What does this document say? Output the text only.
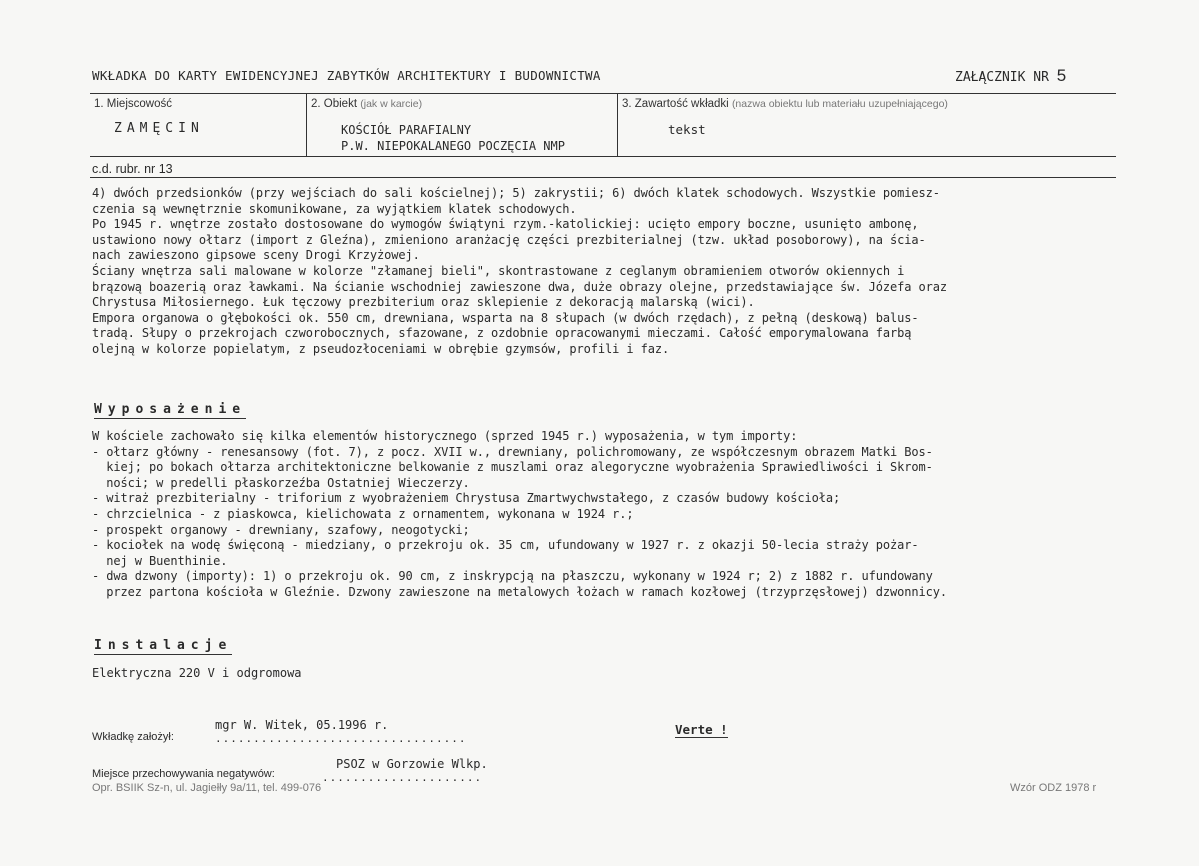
WKŁADKA DO KARTY EWIDENCYJNEJ ZABYTKÓW ARCHITEKTURY I BUDOWNICTWA	ZAŁĄCZNIK NR 5
1. Miejscowość
ZAMĘCIN
2. Obiekt (jak w karcie)
KOŚCIÓŁ PARAFIALNY
P.W. NIEPOKALANEGO POCZĘCIA NMP
3. Zawartość wkładki (nazwa obiektu lub materiału uzupełniającego)
tekst
c.d. rubr. nr 13
4) dwóch przedsionków (przy wejściach do sali kościelnej); 5) zakrystii; 6) dwóch klatek schodowych. Wszystkie pomiesz-
czenia są wewnętrznie skomunikowane, za wyjątkiem klatek schodowych.
Po 1945 r. wnętrze zostało dostosowane do wymogów świątyni rzym.-katolickiej: ucięto empory boczne, usunięto ambonę,
ustawiono nowy ołtarz (import z Gleźna), zmieniono aranżację części prezbiterialnej (tzw. układ posoborowy), na ścia-
nach zawieszono gipsowe sceny Drogi Krzyżowej.
Ściany wnętrza sali malowane w kolorze "złamanej bieli", skontrastowane z ceglanym obramieniem otworów okiennych i
brązową boazerią oraz ławkami. Na ścianie wschodniej zawieszone dwa, duże obrazy olejne, przedstawiające św. Józefa oraz
Chrystusa Miłosiernego. Łuk tęczowy prezbiterium oraz sklepienie z dekoracją malarską (wici).
Empora organowa o głębokości ok. 550 cm, drewniana, wsparta na 8 słupach (w dwóch rzędach), z pełną (deskową) balus-
tradą. Słupy o przekrojach czworobocznych, sfazowane, z ozdobnie opracowanymi mieczami. Całość emporymalowana farbą
olejną w kolorze popielatym, z pseudozłoceniami w obrębie gzymsów, profili i faz.
Wyposażenie
W kościele zachowało się kilka elementów historycznego (sprzed 1945 r.) wyposażenia, w tym importy:
- ołtarz główny - renesansowy (fot. 7), z pocz. XVII w., drewniany, polichromowany, ze współczesnym obrazem Matki Bos-
kiej; po bokach ołtarza architektoniczne belkowanie z muszlami oraz alegoryczne wyobrażenia Sprawiedliwości i Skrom-
ności; w predelli płaskorzeźba Ostatniej Wieczerzy.
- witraż prezbiterialny - triforium z wyobrażeniem Chrystusa Zmartwychwstałego, z czasów budowy kościoła;
- chrzcielnica - z piaskowca, kielichowata z ornamentem, wykonana w 1924 r.;
- prospekt organowy - drewniany, szafowy, neogotycki;
- kociołek na wodę święconą - miedziany, o przekroju ok. 35 cm, ufundowany w 1927 r. z okazji 50-lecia straży pożar-
nej w Buenthinie.
- dwa dzwony (importy): 1) o przekroju ok. 90 cm, z inskrypcją na płaszczu, wykonany w 1924 r; 2) z 1882 r. ufundowany
przez partona kościoła w Gleźnie. Dzwony zawieszone na metalowych łożach w ramach kozłowej (trzyprzęsłowej) dzwonnicy.
Instalacje
Elektryczna 220 V i odgromowa
Wkładkę założył:
mgr W. Witek, 05.1996 r.
.................................
Verte !
Miejsce przechowywania negatywów:
PSOZ w Gorzowie Wlkp.
.....................
Opr. BSIIK Sz-n, ul. Jagiełły 9a/11, tel. 499-076	Wzór ODZ 1978 r
